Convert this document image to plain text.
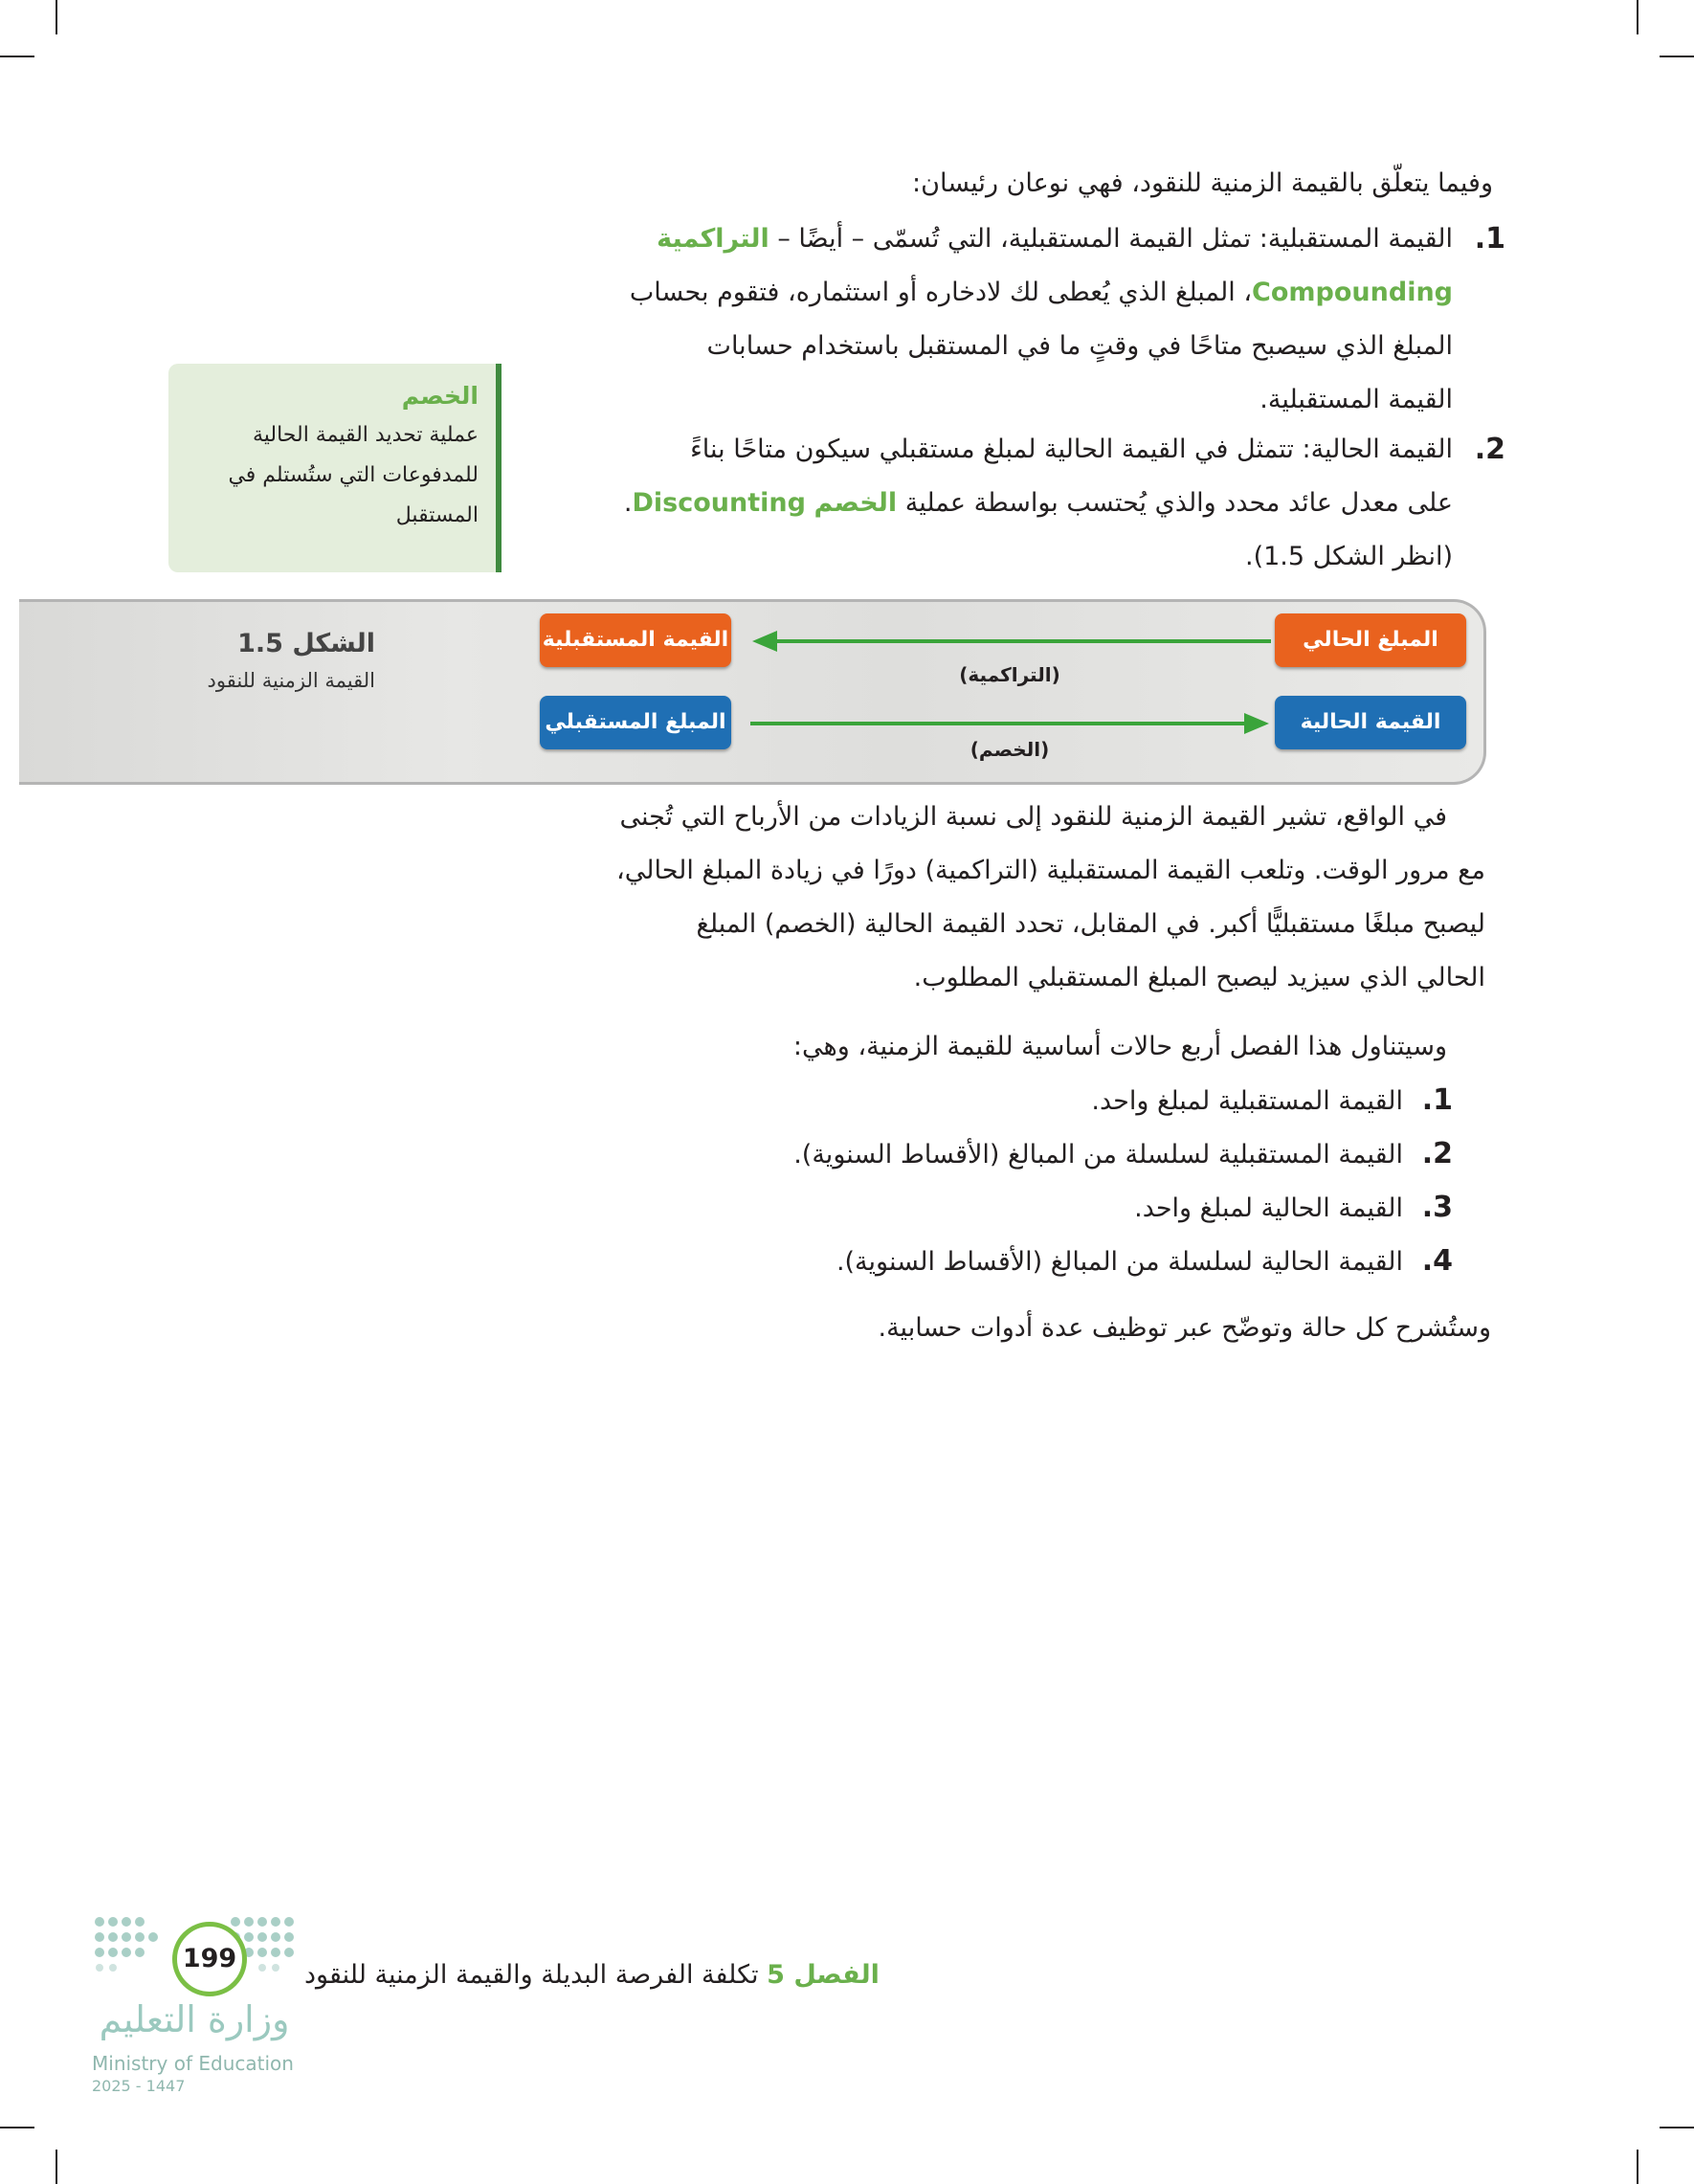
وفيما يتعلّق بالقيمة الزمنية للنقود، فهي نوعان رئيسان:
1.

القيمة المستقبلية: تمثل القيمة المستقبلية، التي تُسمّى – أيضًا – التراكمية

Compounding، المبلغ الذي يُعطى لك لادخاره أو استثماره، فتقوم بحساب

المبلغ الذي سيصبح متاحًا في وقتٍ ما في المستقبل باستخدام حسابات

القيمة المستقبلية.

2.

القيمة الحالية: تتمثل في القيمة الحالية لمبلغ مستقبلي سيكون متاحًا بناءً

على معدل عائد محدد والذي يُحتسب بواسطة عملية الخصم Discounting.

(انظر الشكل 1.5).

الخصم
عملية تحديد القيمة الحالية
للمدفوعات التي ستُستلم في
المستقبل
الشكل 1.5
القيمة الزمنية للنقود
المبلغ الحالي
القيمة المستقبلية
القيمة الحالية
المبلغ المستقبلي
(التراكمية)
(الخصم)

في الواقع، تشير القيمة الزمنية للنقود إلى نسبة الزيادات من الأرباح التي تُجنى

مع مرور الوقت. وتلعب القيمة المستقبلية (التراكمية) دورًا في زيادة المبلغ الحالي،

ليصبح مبلغًا مستقبليًّا أكبر. في المقابل، تحدد القيمة الحالية (الخصم) المبلغ

الحالي الذي سيزيد ليصبح المبلغ المستقبلي المطلوب.

وسيتناول هذا الفصل أربع حالات أساسية للقيمة الزمنية، وهي:
1.القيمة المستقبلية لمبلغ واحد.
2.القيمة المستقبلية لسلسلة من المبالغ (الأقساط السنوية).
3.القيمة الحالية لمبلغ واحد.
4.القيمة الحالية لسلسلة من المبالغ (الأقساط السنوية).
وستُشرح كل حالة وتوضّح عبر توظيف عدة أدوات حسابية.
الفصل 5 تكلفة الفرصة البديلة والقيمة الزمنية للنقود
199
وزارة التعليم
Ministry of Education
2025 - 1447
